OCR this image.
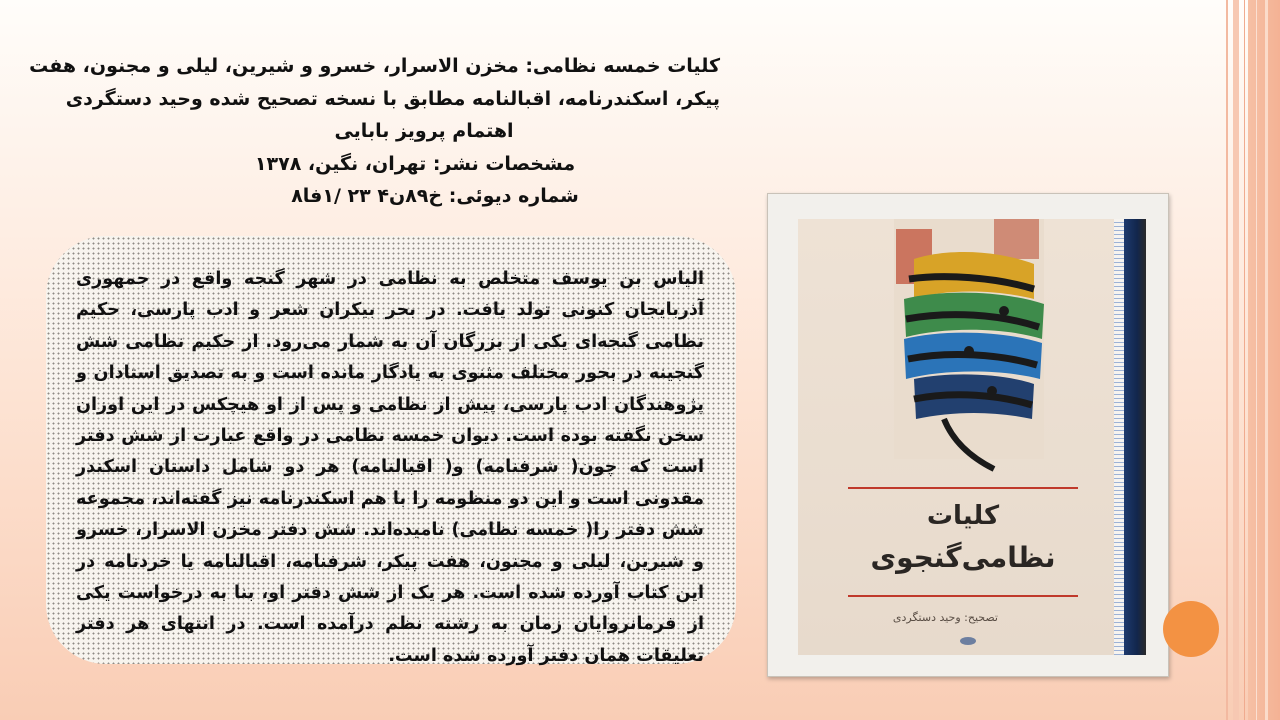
کلیات خمسه نظامی: مخزن الاسرار، خسرو و شیرین، لیلی و مجنون، هفت
پیکر، اسکندرنامه، اقبالنامه مطابق با نسخه تصحیح شده وحید دستگردی
اهتمام پرویز بابایی
مشخصات نشر: تهران، نگین، ۱۳۷۸
شماره دیوئی: خ۸۹ن۴ ۲۳ /۱فا۸

الیاس بن یوسف متخلص به نظامی در شهر گنجه واقع در جمهوری آذربایجان کنونی تولد یافت. در بحر بیکران شعر و ادب پارسی، حکیم نظامی گنجه‌ای یکی از بزرگان آن به شمار می‌رود. از حکیم نظامی شش گنجینه در بحور مختلف مثنوی به یادگار مانده است و به تصدیق استادان و پژوهندگان ادب پارسی، پیش از نظامی و پس از او هیچکس در این اوزان سخن نگفته بوده است. دیوان خمسه نظامی در واقع عبارت از شش دفتر است که چون( شرفنامه) و( اقبالنامه) هر دو شامل داستان اسکندر مقدونی است و این دو منظومه را با هم اسکندرنامه نیز گفته‌اند، مجموعه شش دفتر را( خمسه نظامی) نامیده‌اند. شش دفتر مخزن الاسرار، خسرو و شیرین، لیلی و مجنون، هفت پیکر، شرفنامه، اقبالنامه یا خردنامه در این کتاب آورده شده است. هر یک از شش دفتر او، بنا به درخواست یکی از فرمانروایان زمان به رشته نظم درآمده است. در انتهای هر دفتر تعلیقات همان دفتر آورده شده است.

کلیات
نظامی‌گنجوی
تصحیح: وحید دستگردی
